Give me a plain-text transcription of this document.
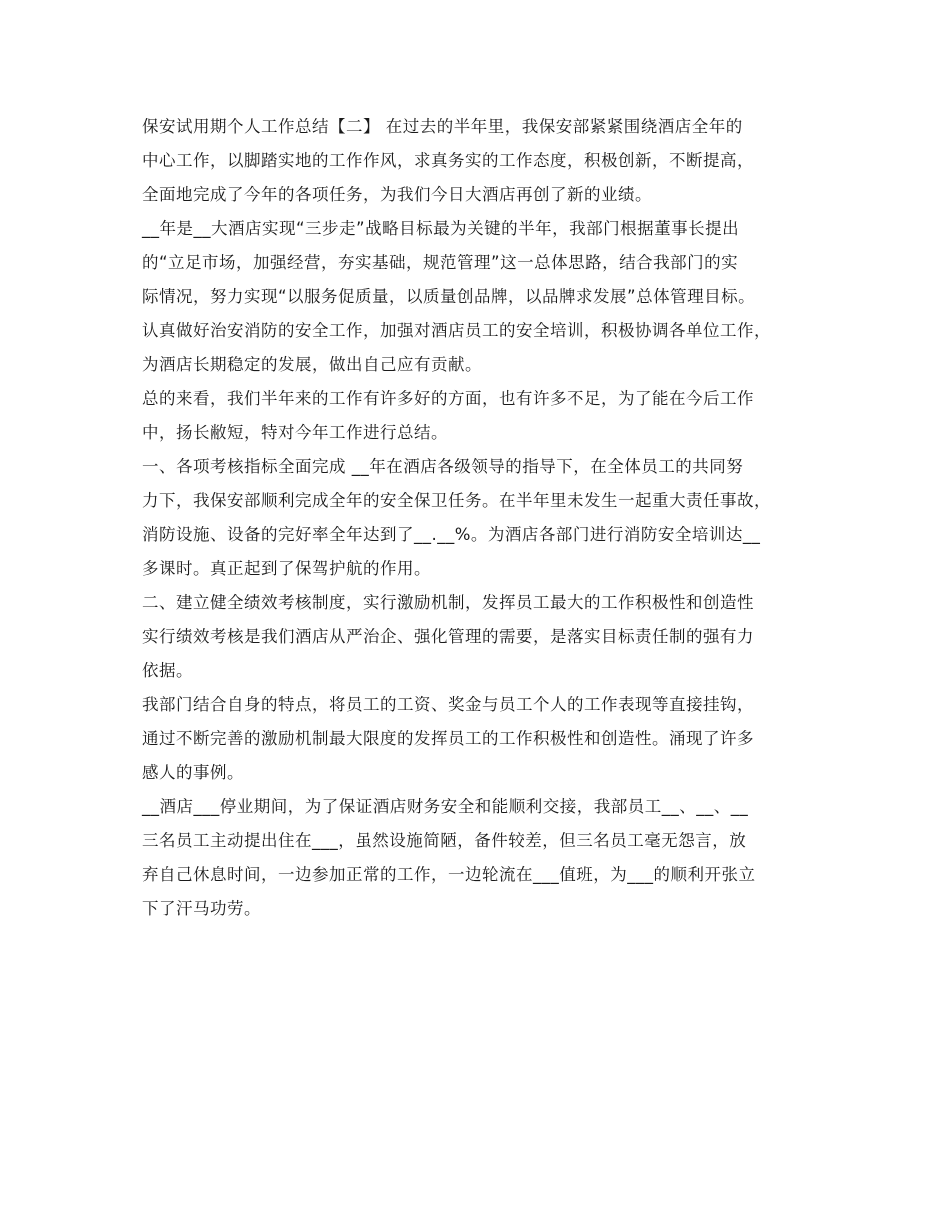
保安试用期个人工作总结【二】 在过去的半年里，我保安部紧紧围绕酒店全年的
中心工作，以脚踏实地的工作作风，求真务实的工作态度，积极创新，不断提高，
全面地完成了今年的各项任务，为我们今日大酒店再创了新的业绩。
__年是__大酒店实现“三步走”战略目标最为关键的半年，我部门根据董事长提出
的“立足市场，加强经营，夯实基础，规范管理”这一总体思路，结合我部门的实
际情况，努力实现“以服务促质量，以质量创品牌，以品牌求发展”总体管理目标。
认真做好治安消防的安全工作，加强对酒店员工的安全培训，积极协调各单位工作，
为酒店长期稳定的发展，做出自己应有贡献。
总的来看，我们半年来的工作有许多好的方面，也有许多不足，为了能在今后工作
中，扬长敝短，特对今年工作进行总结。
一、各项考核指标全面完成 __年在酒店各级领导的指导下，在全体员工的共同努
力下，我保安部顺利完成全年的安全保卫任务。在半年里未发生一起重大责任事故，
消防设施、设备的完好率全年达到了__.__%。为酒店各部门进行消防安全培训达__
多课时。真正起到了保驾护航的作用。
二、建立健全绩效考核制度，实行激励机制，发挥员工最大的工作积极性和创造性
实行绩效考核是我们酒店从严治企、强化管理的需要，是落实目标责任制的强有力
依据。
我部门结合自身的特点，将员工的工资、奖金与员工个人的工作表现等直接挂钩，
通过不断完善的激励机制最大限度的发挥员工的工作积极性和创造性。涌现了许多
感人的事例。
__酒店___停业期间，为了保证酒店财务安全和能顺利交接，我部员工__、__、__
三名员工主动提出住在___，虽然设施简陋，备件较差，但三名员工毫无怨言，放
弃自己休息时间，一边参加正常的工作，一边轮流在___值班，为___的顺利开张立
下了汗马功劳。
